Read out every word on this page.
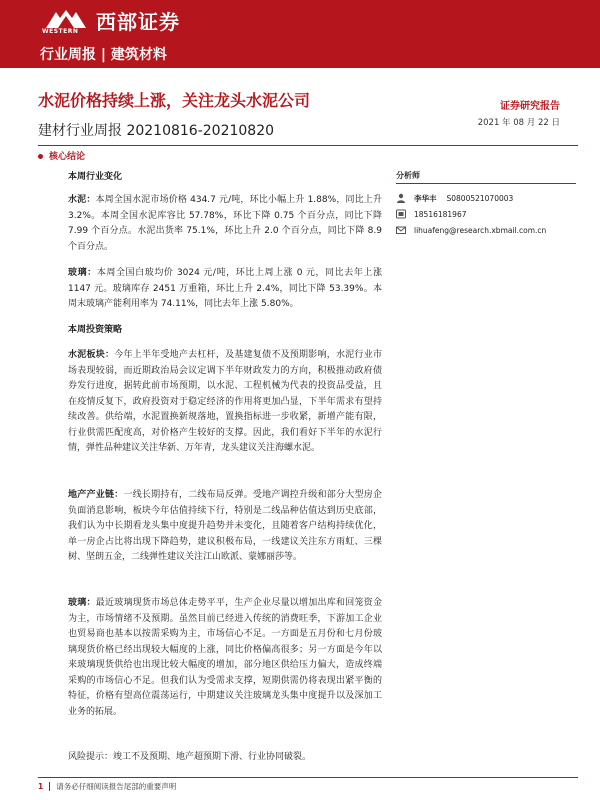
WESTERN 西部证券
行业周报 | 建筑材料
水泥价格持续上涨，关注龙头水泥公司
建材行业周报 20210816-20210820
证券研究报告
2021 年 08 月 22 日
核心结论
本周行业变化

水泥：本周全国水泥市场价格 434.7 元/吨，环比小幅上升 1.88%，同比上升 3.2%。本周全国水泥库容比 57.78%，环比下降 0.75 个百分点，同比下降 7.99 个百分点。水泥出货率 75.1%，环比上升 2.0 个百分点，同比下降 8.9 个百分点。

玻璃：本周全国白玻均价 3024 元/吨，环比上周上涨 0 元，同比去年上涨 1147 元。玻璃库存 2451 万重箱，环比上升 2.4%，同比下降 53.39%。本周末玻璃产能利用率为 74.11%，同比去年上涨 5.80%。

本周投资策略

水泥板块：今年上半年受地产去杠杆，及基建复债不及预期影响，水泥行业市场表现较弱，而近期政治局会议定调下半年财政发力的方向，积极推动政府债券发行进度，据转此前市场预期，以水泥、工程机械为代表的投资品受益，且在疫情反复下，政府投资对于稳定经济的作用将更加凸显，下半年需求有望持续改善。供给端，水泥置换新规落地，置换指标进一步收紧，新增产能有限，行业供需匹配度高，对价格产生较好的支撑。因此，我们看好下半年的水泥行情，弹性品种建议关注华新、万年青，龙头建议关注海螺水泥。

地产产业链：一线长期持有，二线布局反弹。受地产调控升级和部分大型房企负面消息影响，板块今年估值持续下行，特别是二线品种估值达到历史底部，我们认为中长期看龙头集中度提升趋势并未变化，且随着客户结构持续优化，单一房企占比将出现下降趋势，建议积极布局，一线建议关注东方雨虹、三棵树、坚朗五金，二线弹性建议关注江山欧派、蒙娜丽莎等。

玻璃：最近玻璃现货市场总体走势平平，生产企业尽量以增加出库和回笼资金为主，市场情绪不及预期。虽然目前已经进入传统的消费旺季，下游加工企业也贸易商也基本以按需采购为主，市场信心不足。一方面是五月份和七月份玻璃现货价格已经出现较大幅度的上涨，同比价格偏高很多；另一方面是今年以来玻璃现货供给也出现比较大幅度的增加，部分地区供给压力偏大，造成终端采购的市场信心不足。但我们认为受需求支撑，短期供需仍将表现出紧平衡的特征，价格有望高位震荡运行，中期建议关注玻璃龙头集中度提升以及深加工业务的拓展。

风险提示：竣工不及预期、地产超预期下滑、行业协同破裂。

分析师
李华丰 S0800521070003
18516181967
lihuafeng@research.xbmail.com.cn
1 请务必仔细阅读报告尾部的重要声明
